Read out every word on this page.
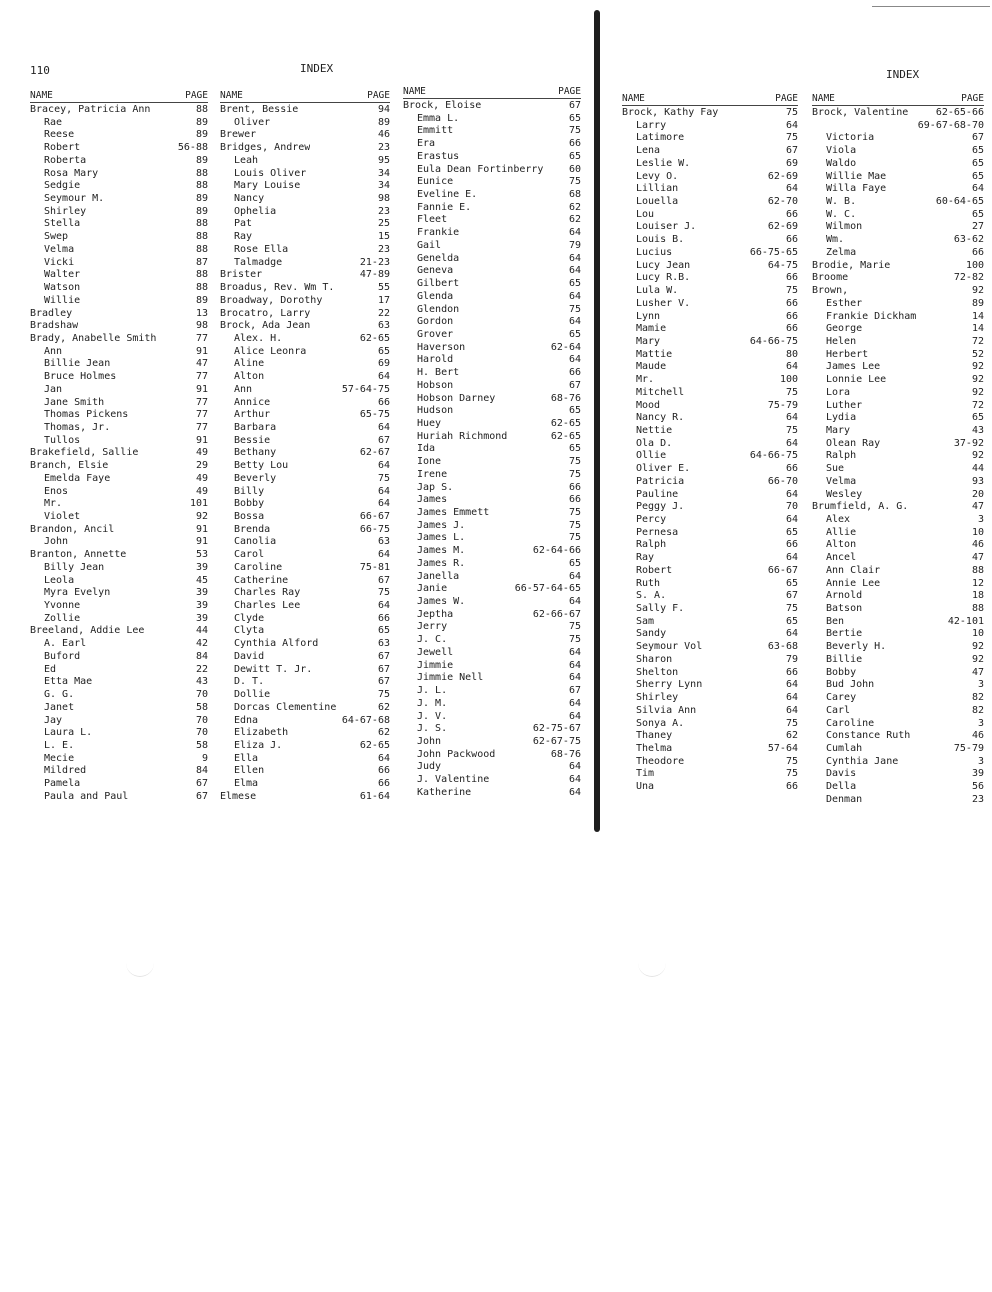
110	INDEX	INDEX
NAME	PAGE
Bracey, Patricia Ann	88
Rae	89
Reese	89
Robert	56-88
Roberta	89
Rosa Mary	88
Sedgie	88
Seymour M.	89
Shirley	89
Stella	88
Swep	88
Velma	88
Vicki	87
Walter	88
Watson	88
Willie	89
Bradley	13
Bradshaw	98
Brady, Anabelle Smith	77
Ann	91
Billie Jean	47
Bruce Holmes	77
Jan	91
Jane Smith	77
Thomas Pickens	77
Thomas, Jr.	77
Tullos	91
Brakefield, Sallie	49
Branch, Elsie	29
Emelda Faye	49
Enos	49
Mr.	101
Violet	92
Brandon, Ancil	91
John	91
Branton, Annette	53
Billy Jean	39
Leola	45
Myra Evelyn	39
Yvonne	39
Zollie	39
Breeland, Addie Lee	44
A. Earl	42
Buford	84
Ed	22
Etta Mae	43
G. G.	70
Janet	58
Jay	70
Laura L.	70
L. E.	58
Mecie	9
Mildred	84
Pamela	67
Paula and Paul	67
NAME	PAGE
Brent, Bessie	94
Oliver	89
Brewer	46
Bridges, Andrew	23
Leah	95
Louis Oliver	34
Mary Louise	34
Nancy	98
Ophelia	23
Pat	25
Ray	15
Rose Ella	23
Talmadge	21-23
Brister	47-89
Broadus, Rev. Wm T.	55
Broadway, Dorothy	17
Brocatro, Larry	22
Brock, Ada Jean	63
Alex. H.	62-65
Alice Leonra	65
Aline	69
Alton	64
Ann	57-64-75
Annice	66
Arthur	65-75
Barbara	64
Bessie	67
Bethany	62-67
Betty Lou	64
Beverly	75
Billy	64
Bobby	64
Bossa	66-67
Brenda	66-75
Canolia	63
Carol	64
Caroline	75-81
Catherine	67
Charles Ray	75
Charles Lee	64
Clyde	66
Clyta	65
Cynthia Alford	63
David	67
Dewitt T. Jr.	67
D. T.	67
Dollie	75
Dorcas Clementine	62
Edna	64-67-68
Elizabeth	62
Eliza J.	62-65
Ella	64
Ellen	66
Elma	66
Elmese	61-64
NAME	PAGE
Brock, Eloise	67
Emma L.	65
Emmitt	75
Era	66
Erastus	65
Eula Dean Fortinberry	60
Eunice	75
Eveline E.	68
Fannie E.	62
Fleet	62
Frankie	64
Gail	79
Genelda	64
Geneva	64
Gilbert	65
Glenda	64
Glendon	75
Gordon	64
Grover	65
Haverson	62-64
Harold	64
H. Bert	66
Hobson	67
Hobson Darney	68-76
Hudson	65
Huey	62-65
Huriah Richmond	62-65
Ida	65
Ione	75
Irene	75
Jap S.	66
James	66
James Emmett	75
James J.	75
James L.	75
James M.	62-64-66
James R.	65
Janella	64
Janie	66-57-64-65
James W.	64
Jeptha	62-66-67
Jerry	75
J. C.	75
Jewell	64
Jimmie	64
Jimmie Nell	64
J. L.	67
J. M.	64
J. V.	64
J. S.	62-75-67
John	62-67-75
John Packwood	68-76
Judy	64
J. Valentine	64
Katherine	64
NAME	PAGE
Brock, Kathy Fay	75
Larry	64
Latimore	75
Lena	67
Leslie W.	69
Levy O.	62-69
Lillian	64
Louella	62-70
Lou	66
Louiser J.	62-69
Louis B.	66
Lucius	66-75-65
Lucy Jean	64-75
Lucy R.B.	66
Lula W.	75
Lusher V.	66
Lynn	66
Mamie	66
Mary	64-66-75
Mattie	80
Maude	64
Mr.	100
Mitchell	75
Mood	75-79
Nancy R.	64
Nettie	75
Ola D.	64
Ollie	64-66-75
Oliver E.	66
Patricia	66-70
Pauline	64
Peggy J.	70
Percy	64
Pernesa	65
Ralph	66
Ray	64
Robert	66-67
Ruth	65
S. A.	67
Sally F.	75
Sam	65
Sandy	64
Seymour Vol	63-68
Sharon	79
Shelton	66
Sherry Lynn	64
Shirley	64
Silvia Ann	64
Sonya A.	75
Thaney	62
Thelma	57-64
Theodore	75
Tim	75
Una	66
NAME	PAGE
Brock, Valentine	62-65-66
69-67-68-70
Victoria	67
Viola	65
Waldo	65
Willie Mae	65
Willa Faye	64
W. B.	60-64-65
W. C.	65
Wilmon	27
Wm.	63-62
Zelma	66
Brodie, Marie	100
Broome	72-82
Brown,	92
Esther	89
Frankie Dickham	14
George	14
Helen	72
Herbert	52
James Lee	92
Lonnie Lee	92
Lora	92
Luther	72
Lydia	65
Mary	43
Olean Ray	37-92
Ralph	92
Sue	44
Velma	93
Wesley	20
Brumfield, A. G.	47
Alex	3
Allie	10
Alton	46
Ancel	47
Ann Clair	88
Annie Lee	12
Arnold	18
Batson	88
Ben	42-101
Bertie	10
Beverly H.	92
Billie	92
Bobby	47
Bud John	3
Carey	82
Carl	82
Caroline	3
Constance Ruth	46
Cumlah	75-79
Cynthia Jane	3
Davis	39
Della	56
Denman	23
